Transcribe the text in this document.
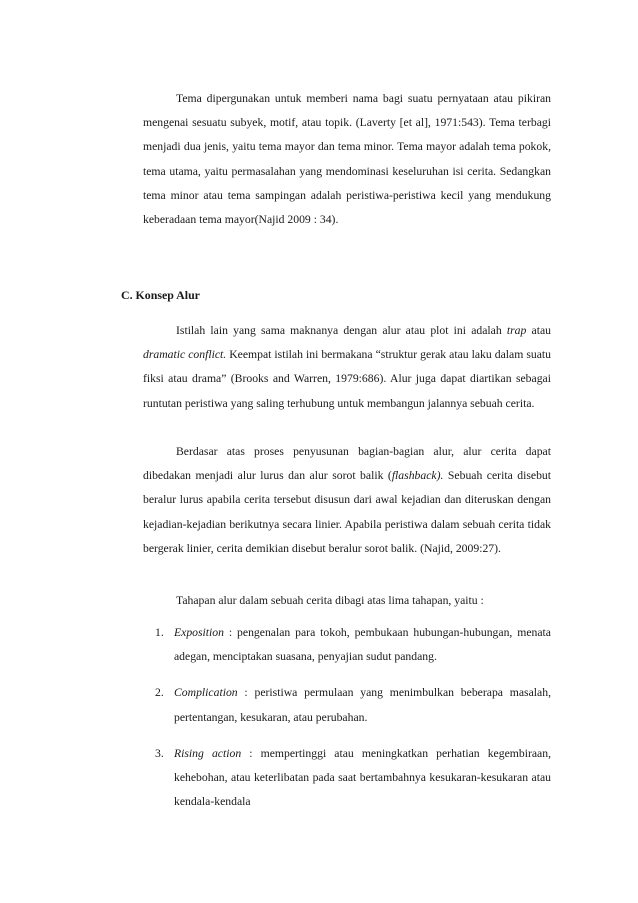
Tema dipergunakan untuk memberi nama bagi suatu pernyataan atau pikiran mengenai sesuatu subyek, motif, atau topik. (Laverty [et al], 1971:543). Tema terbagi menjadi dua jenis, yaitu tema mayor dan tema minor. Tema mayor adalah tema pokok, tema utama, yaitu permasalahan yang mendominasi keseluruhan isi cerita. Sedangkan tema minor atau tema sampingan adalah peristiwa-peristiwa kecil yang mendukung keberadaan tema mayor(Najid 2009 : 34).

C. Konsep Alur

Istilah lain yang sama maknanya dengan alur atau plot ini adalah trap atau dramatic conflict. Keempat istilah ini bermakana “struktur gerak atau laku dalam suatu fiksi atau drama” (Brooks and Warren, 1979:686). Alur juga dapat diartikan sebagai runtutan peristiwa yang saling terhubung untuk membangun jalannya sebuah cerita.

Berdasar atas proses penyusunan bagian-bagian alur, alur cerita dapat dibedakan menjadi alur lurus dan alur sorot balik (flashback). Sebuah cerita disebut beralur lurus apabila cerita tersebut disusun dari awal kejadian dan diteruskan dengan kejadian-kejadian berikutnya secara linier. Apabila peristiwa dalam sebuah cerita tidak bergerak linier, cerita demikian disebut beralur sorot balik. (Najid, 2009:27).

Tahapan alur dalam sebuah cerita dibagi atas lima tahapan, yaitu :

1. Exposition : pengenalan para tokoh, pembukaan hubungan-hubungan, menata adegan, menciptakan suasana, penyajian sudut pandang.
2. Complication : peristiwa permulaan yang menimbulkan beberapa masalah, pertentangan, kesukaran, atau perubahan.
3. Rising action : mempertinggi atau meningkatkan perhatian kegembiraan, kehebohan, atau keterlibatan pada saat bertambahnya kesukaran-kesukaran atau kendala-kendala
